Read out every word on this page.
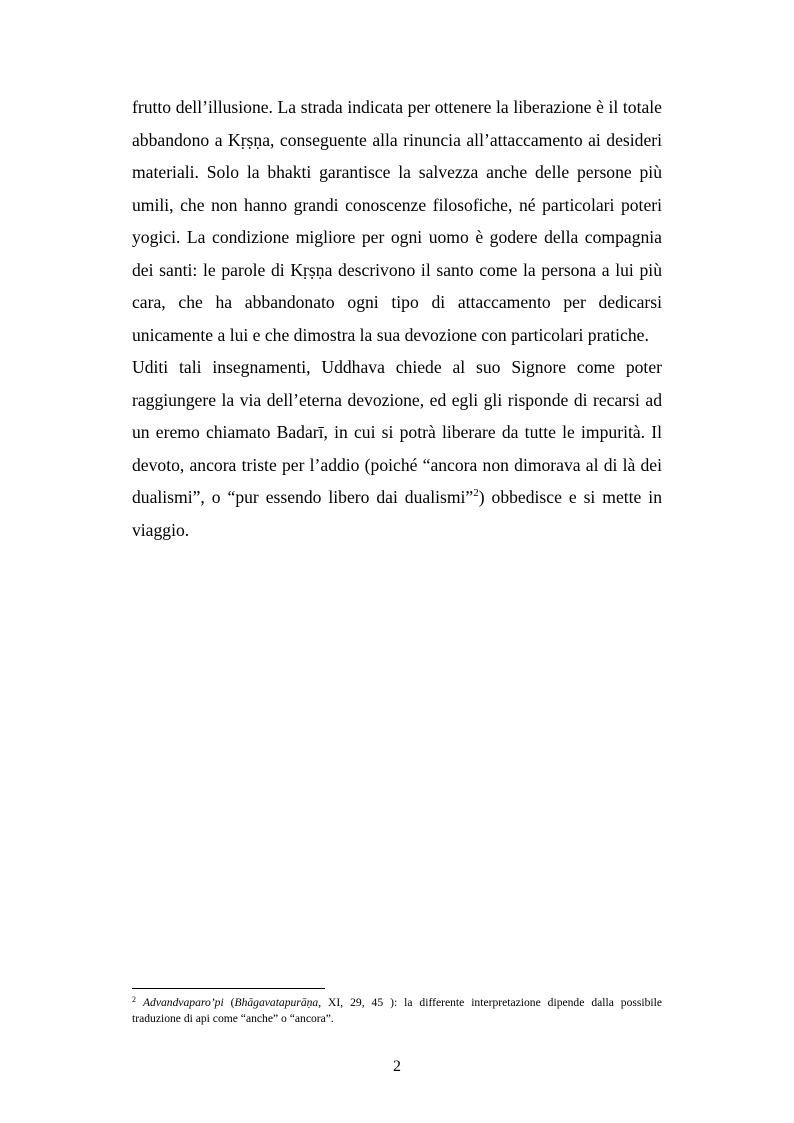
frutto dell’illusione. La strada indicata per ottenere la liberazione è il totale abbandono a Kṛṣṇa, conseguente alla rinuncia all’attaccamento ai desideri materiali. Solo la bhakti garantisce la salvezza anche delle persone più umili, che non hanno grandi conoscenze filosofiche, né particolari poteri yogici. La condizione migliore per ogni uomo è godere della compagnia dei santi: le parole di Kṛṣṇa descrivono il santo come la persona a lui più cara, che ha abbandonato ogni tipo di attaccamento per dedicarsi unicamente a lui e che dimostra la sua devozione con particolari pratiche.

Uditi tali insegnamenti, Uddhava chiede al suo Signore come poter raggiungere la via dell’eterna devozione, ed egli gli risponde di recarsi ad un eremo chiamato Badarī, in cui si potrà liberare da tutte le impurità. Il devoto, ancora triste per l’addio (poiché “ancora non dimorava al di là dei dualismi”, o “pur essendo libero dai dualismi”$^2$) obbedisce e si mette in viaggio.

$^2$ Advandvaparo’pi (Bhāgavatapurāṇa, XI, 29, 45 ): la differente interpretazione dipende dalla possibile traduzione di api come “anche” o “ancora”.

2
